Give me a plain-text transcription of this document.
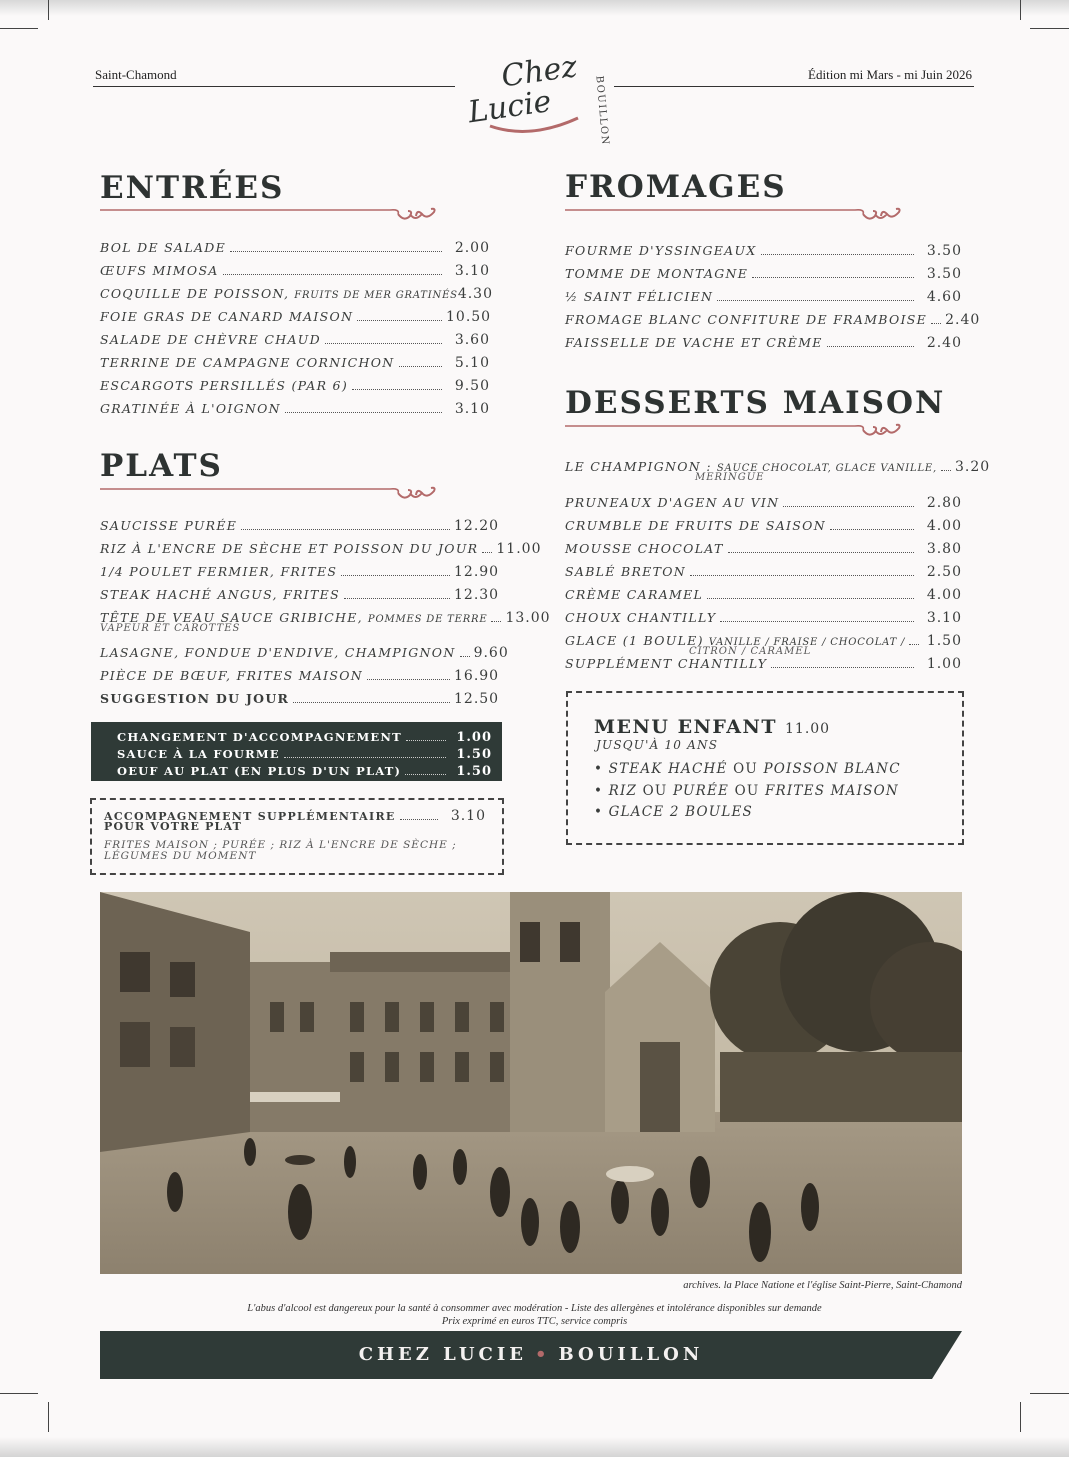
Saint-Chamond	Édition mi Mars - mi Juin 2026
Chez
Lucie	BOUILLON
ENTRÉES
BOL DE SALADE	2.00
ŒUFS MIMOSA	3.10
COQUILLE DE POISSON, FRUITS DE MER GRATINÉS 4.30
FOIE GRAS DE CANARD MAISON	10.50
SALADE DE CHÈVRE CHAUD	3.60
TERRINE DE CAMPAGNE CORNICHON	5.10
ESCARGOTS PERSILLÉS (PAR 6)	9.50
GRATINÉE À L'OIGNON	3.10
PLATS
SAUCISSE PURÉE	12.20
RIZ À L'ENCRE DE SÈCHE ET POISSON DU JOUR 11.00
1/4 POULET FERMIER, FRITES	12.90
STEAK HACHÉ ANGUS, FRITES	12.30
TÊTE DE VEAU SAUCE GRIBICHE, POMMES DE TERRE 13.00
VAPEUR ET CAROTTES
LASAGNE, FONDUE D'ENDIVE, CHAMPIGNON 9.60
PIÈCE DE BŒUF, FRITES MAISON	16.90
SUGGESTION DU JOUR	12.50
CHANGEMENT D'ACCOMPAGNEMENT	1.00
SAUCE À LA FOURME	1.50
OEUF AU PLAT (EN PLUS D'UN PLAT)	1.50
ACCOMPAGNEMENT SUPPLÉMENTAIRE	3.10
POUR VOTRE PLAT
FRITES MAISON ; PURÉE ; RIZ À L'ENCRE DE SÈCHE ;
LÉGUMES DU MOMENT
FROMAGES
FOURME D'YSSINGEAUX	3.50
TOMME DE MONTAGNE	3.50
½ SAINT FÉLICIEN	4.60
FROMAGE BLANC CONFITURE DE FRAMBOISE 2.40
FAISSELLE DE VACHE ET CRÈME	2.40
DESSERTS MAISON
LE CHAMPIGNON : SAUCE CHOCOLAT, GLACE VANILLE, 3.20
MERINGUE
PRUNEAUX D'AGEN AU VIN	2.80
CRUMBLE DE FRUITS DE SAISON	4.00
MOUSSE CHOCOLAT	3.80
SABLÉ BRETON	2.50
CRÈME CARAMEL	4.00
CHOUX CHANTILLY	3.10
GLACE (1 BOULE) VANILLE / FRAISE / CHOCOLAT / 1.50
CITRON / CARAMEL
SUPPLÉMENT CHANTILLY	1.00
MENU ENFANT 11.00
JUSQU'À 10 ANS
• STEAK HACHÉ OU POISSON BLANC
• RIZ OU PURÉE OU FRITES MAISON
• GLACE 2 BOULES
archives. la Place Natione et l'église Saint-Pierre, Saint-Chamond
L'abus d'alcool est dangereux pour la santé à consommer avec modération - Liste des allergènes et intolérance disponibles sur demande
Prix exprimé en euros TTC, service compris
CHEZ LUCIE • BOUILLON
